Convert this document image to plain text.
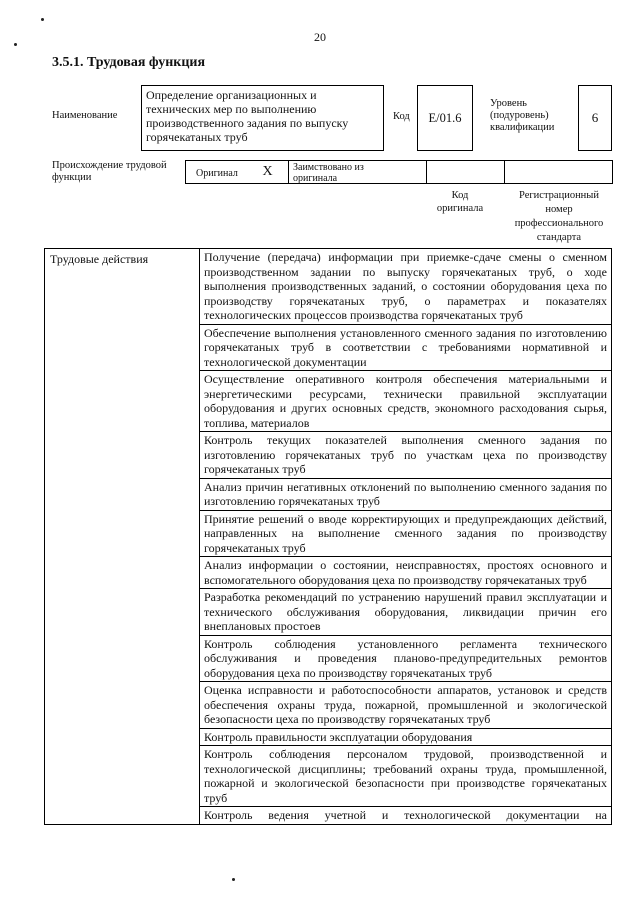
20
3.5.1. Трудовая функция
Наименование
Определение организационных и
технических мер по выполнению
производственного задания по выпуску
горячекатаных труб
Код Е/01.6
Уровень
(подуровень)
квалификации
6
Происхождение трудовой
функции	Оригинал	Х	Заимствовано из
оригинала
Код
оригинала
Регистрационный
номер
профессионального
стандарта
Трудовые действия	Получение (передача) информации при приемке-сдаче смены о сменном производственном задании по выпуску горячекатаных труб, о ходе выполнения производственных заданий, о состоянии оборудования цеха по производству горячекатаных труб, о параметрах и показателях технологических процессов производства горячекатаных труб
Обеспечение выполнения установленного сменного задания по изготовлению горячекатаных труб в соответствии с требованиями нормативной и технологической документации
Осуществление оперативного контроля обеспечения материальными и энергетическими ресурсами, технически правильной эксплуатации оборудования и других основных средств, экономного расходования сырья, топлива, материалов
Контроль текущих показателей выполнения сменного задания по изготовлению горячекатаных труб по участкам цеха по производству горячекатаных труб
Анализ причин негативных отклонений по выполнению сменного задания по изготовлению горячекатаных труб
Принятие решений о вводе корректирующих и предупреждающих действий, направленных на выполнение сменного задания по производству горячекатаных труб
Анализ информации о состоянии, неисправностях, простоях основного и вспомогательного оборудования цеха по производству горячекатаных труб
Разработка рекомендаций по устранению нарушений правил эксплуатации и технического обслуживания оборудования, ликвидации причин его внеплановых простоев
Контроль соблюдения установленного регламента технического обслуживания и проведения планово-предупредительных ремонтов оборудования цеха по производству горячекатаных труб
Оценка исправности и работоспособности аппаратов, установок и средств обеспечения охраны труда, пожарной, промышленной и экологической безопасности цеха по производству горячекатаных труб
Контроль правильности эксплуатации оборудования
Контроль соблюдения персоналом трудовой, производственной и технологической дисциплины; требований охраны труда, промышленной, пожарной и экологической безопасности при производстве горячекатаных труб
Контроль ведения учетной и технологической документации на
